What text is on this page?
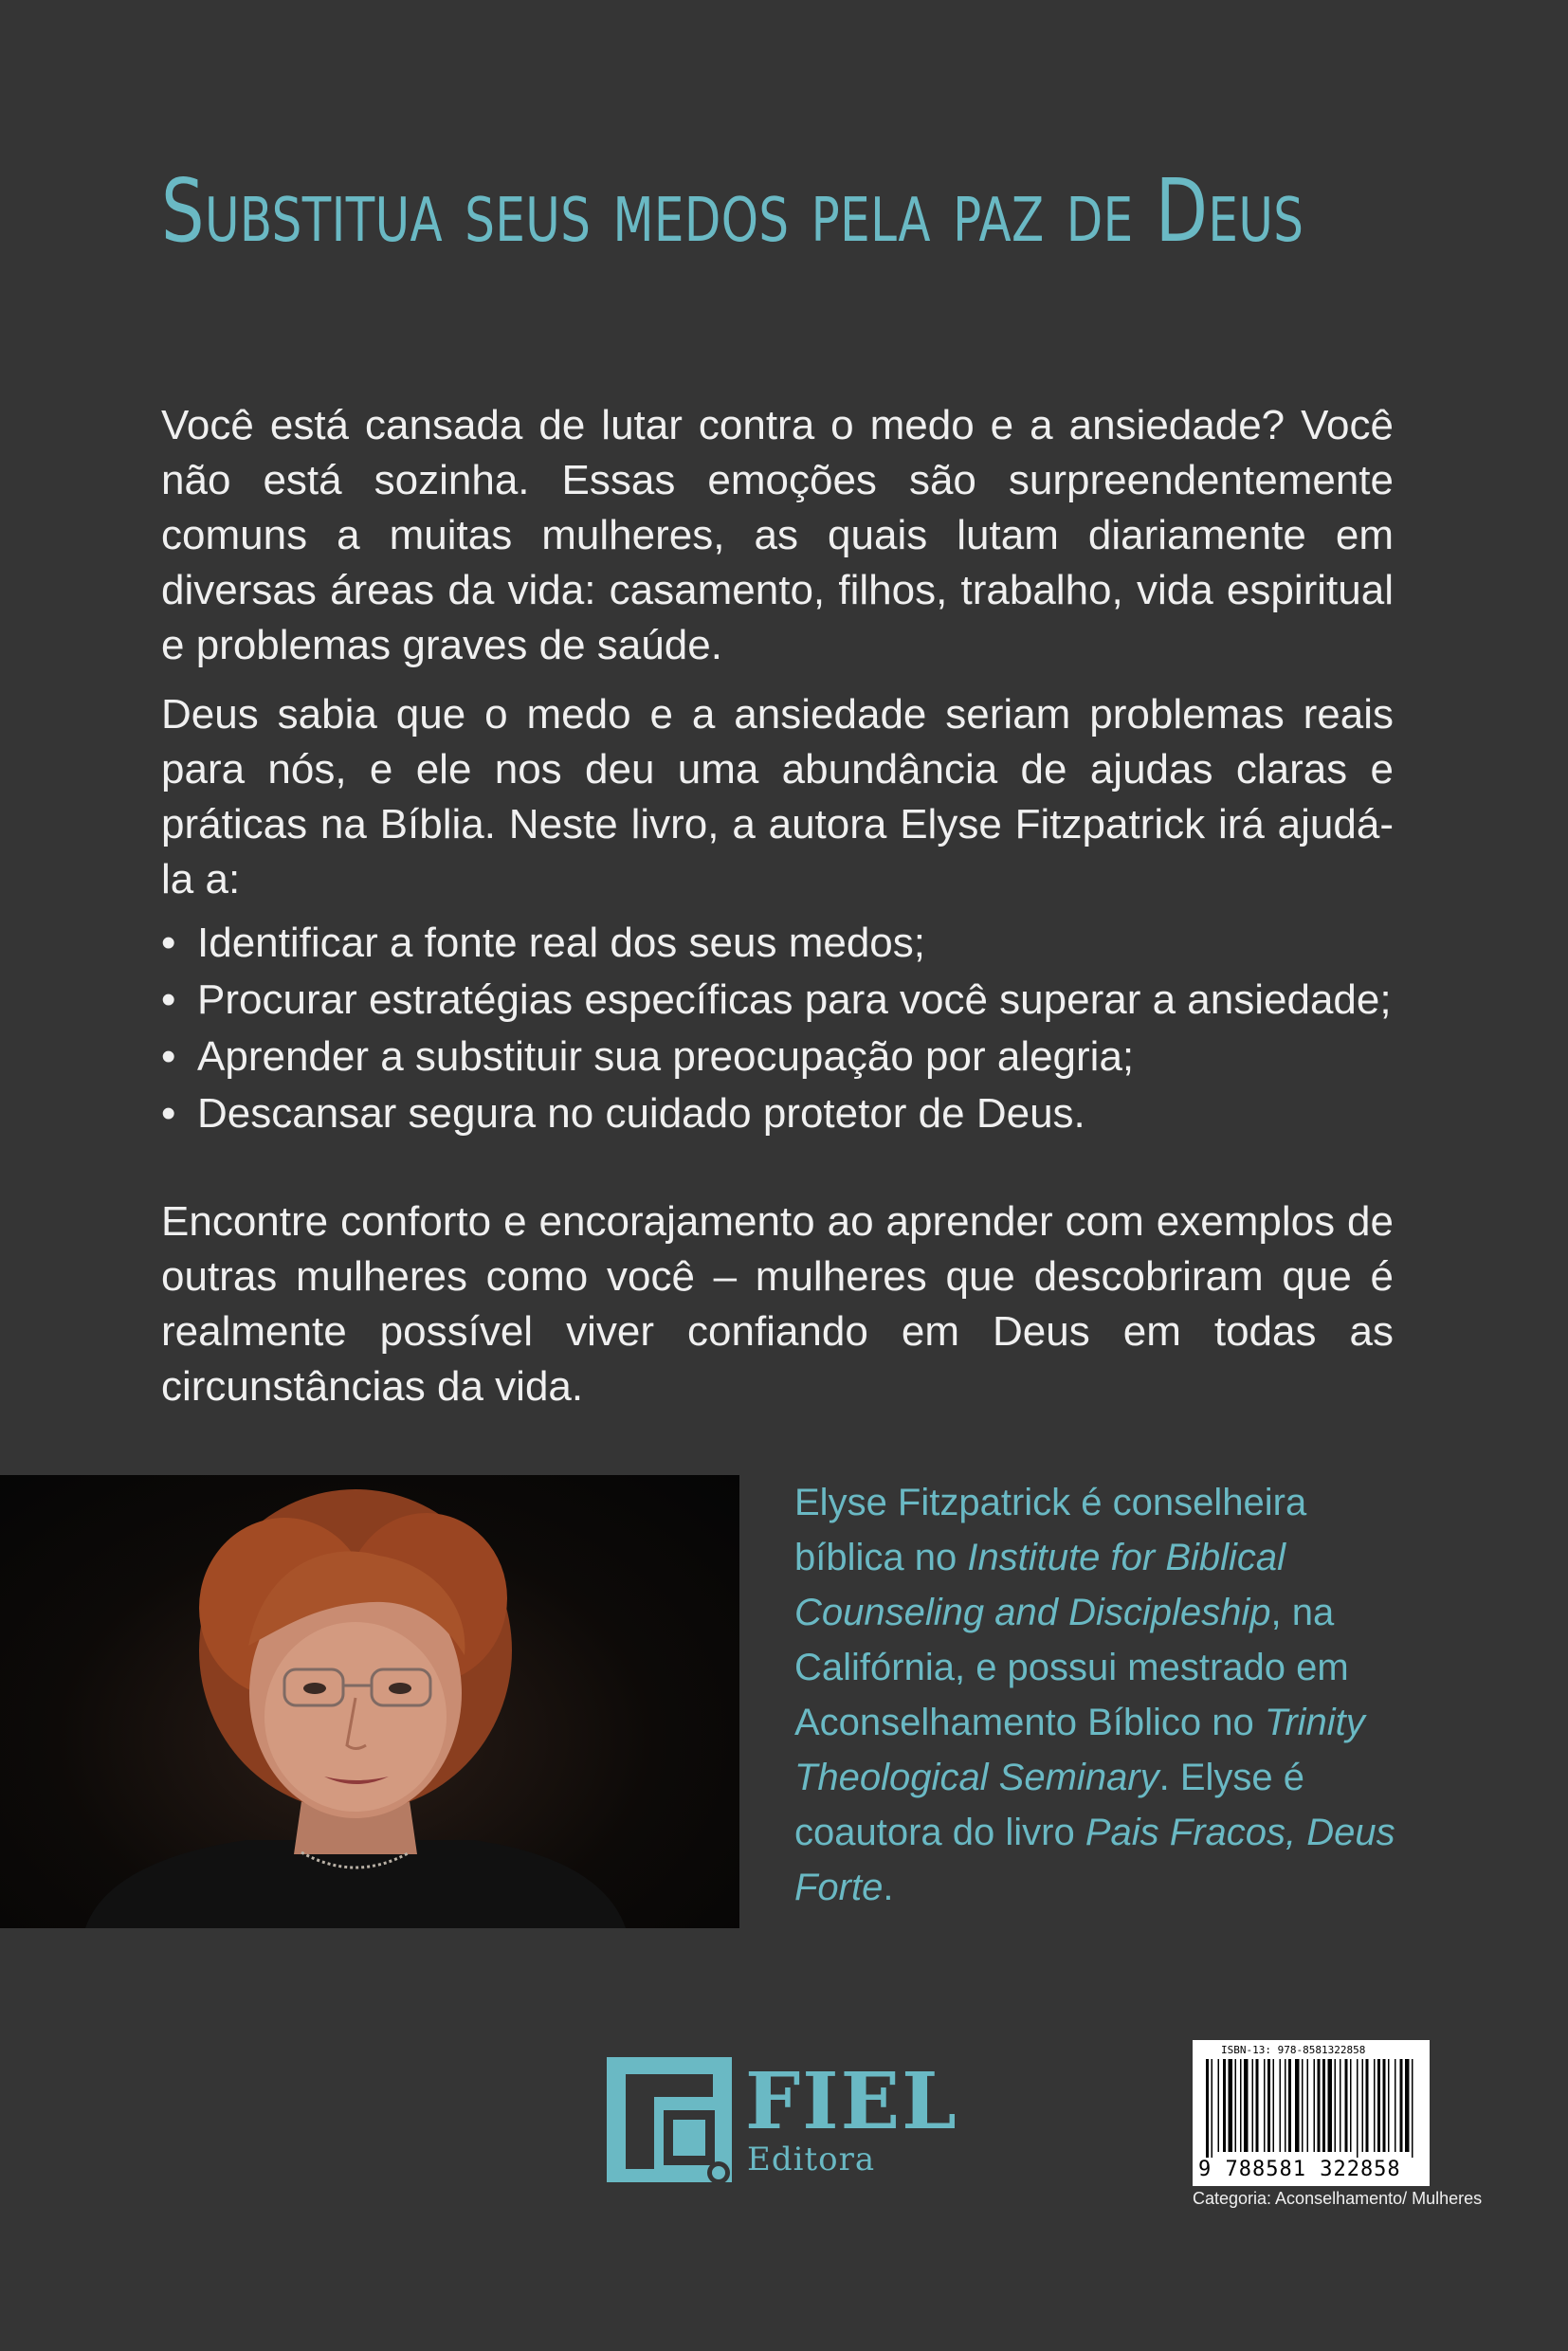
Substitua seus medos pela paz de Deus

Você está cansada de lutar contra o medo e a ansiedade? Você não está sozinha. Essas emoções são surpreendentemente comuns a muitas mulheres, as quais lutam diariamente em diversas áreas da vida: casamento, filhos, trabalho, vida espiritual e problemas graves de saúde.

Deus sabia que o medo e a ansiedade seriam problemas reais para nós, e ele nos deu uma abundância de ajudas claras e práticas na Bíblia. Neste livro, a autora Elyse Fitzpatrick irá ajudá-la a:

• Identificar a fonte real dos seus medos;
• Procurar estratégias específicas para você superar a ansiedade;
• Aprender a substituir sua preocupação por alegria;
• Descansar segura no cuidado protetor de Deus.

Encontre conforto e encorajamento ao aprender com exemplos de outras mulheres como você – mulheres que descobriram que é realmente possível viver confiando em Deus em todas as circunstâncias da vida.

Elyse Fitzpatrick é conselheira bíblica no Institute for Biblical Counseling and Discipleship, na Califórnia, e possui mestrado em Aconselhamento Bíblico no Trinity Theological Seminary. Elyse é coautora do livro Pais Fracos, Deus Forte.

FIEL
Editora
ISBN-13: 978-8581322858
9 788581 322858
Categoria: Aconselhamento/ Mulheres
